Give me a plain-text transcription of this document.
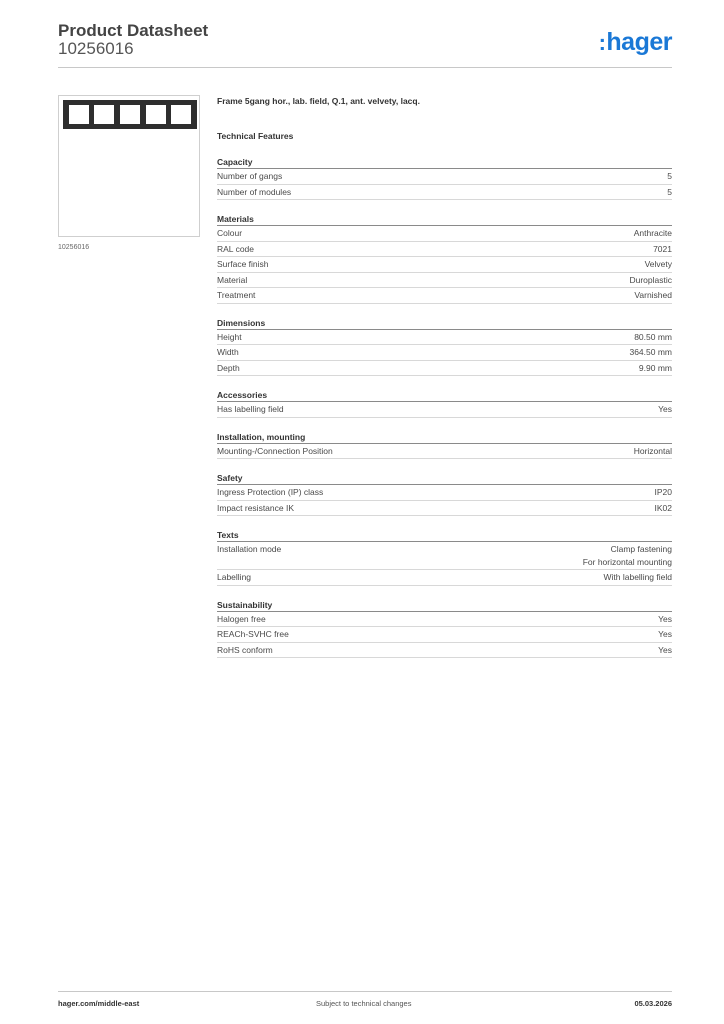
Product Datasheet
10256016	:hager
10256016
Frame 5gang hor., lab. field, Q.1, ant. velvety, lacq.
Technical Features
Capacity
Number of gangs	5
Number of modules	5
Materials
Colour	Anthracite
RAL code	7021
Surface finish	Velvety
Material	Duroplastic
Treatment	Varnished
Dimensions
Height	80.50 mm
Width	364.50 mm
Depth	9.90 mm
Accessories
Has labelling field	Yes
Installation, mounting
Mounting-/Connection Position	Horizontal
Safety
Ingress Protection (IP) class	IP20
Impact resistance IK	IK02
Texts
Installation mode	Clamp fastening
For horizontal mounting
Labelling	With labelling field
Sustainability
Halogen free	Yes
REACh-SVHC free	Yes
RoHS conform	Yes
hager.com/middle-east	Subject to technical changes	05.03.2026
